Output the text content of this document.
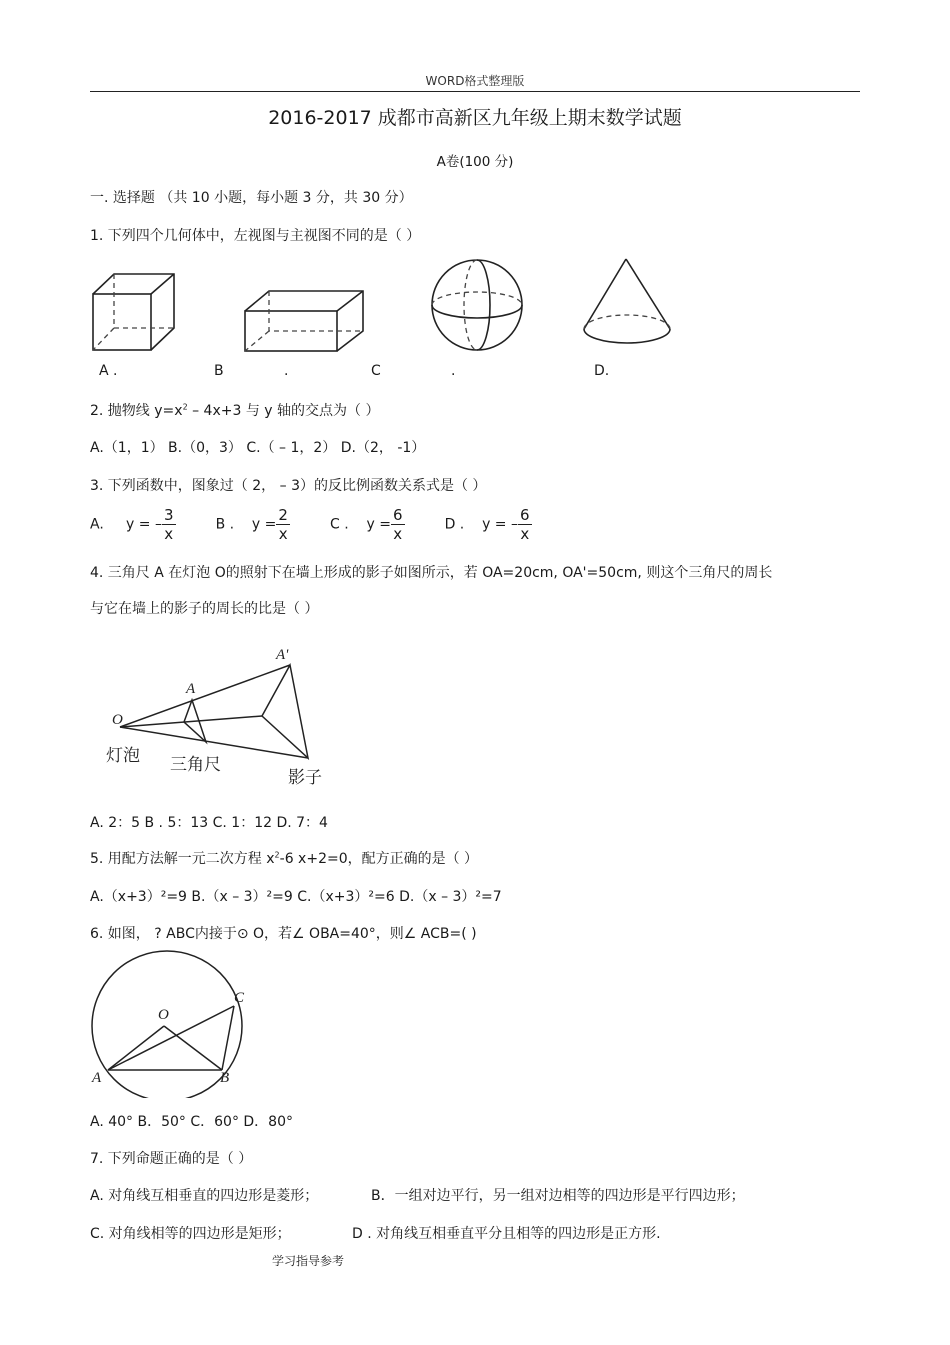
WORD格式整理版
2016-2017 成都市高新区九年级上期末数学试题
A卷(100 分)
一. 选择题 （共 10 小题，每小题 3 分，共 30 分）
1. 下列四个几何体中，左视图与主视图不同的是（ ）
A .	B	.	C	.	D.
2. 抛物线 $y=x^2 - 4x+3$ 与 y 轴的交点为（ ）
A.（1，1） B.（0，3） C.（ – 1，2） D.（2， -1）
3. 下列函数中，图象过（ 2， – 3）的反比例函数关系式是（ ）
A. y = – $\frac{3}{x}$	B . $y = \frac{2}{x}$	C . $y = \frac{6}{x}$	D . y = – $\frac{6}{x}$
4. 三角尺 A 在灯泡 O的照射下在墙上形成的影子如图所示，若 OA=20cm, OA'=50cm, 则这个三角尺的周长
与它在墙上的影子的周长的比是（ ）
O
A
A'
灯泡 三角尺
影子
A. 2：5 B . 5：13 C. 1：12 D. 7：4
5. 用配方法解一元二次方程 $x^2-6$ x+2=0，配方正确的是（ ）
A.（x+3）²=9 B.（x – 3）²=9 C.（x+3）²=6 D.（x – 3）²=7
6. 如图， ? ABC内接于⊙ O，若∠ OBA=40°，则∠ ACB=( )
O
A	B
C
A. 40° B．50° C．60° D．80°
7. 下列命题正确的是（ ）
A. 对角线互相垂直的四边形是菱形；	B．一组对边平行，另一组对边相等的四边形是平行四边形；
C. 对角线相等的四边形是矩形；	D . 对角线互相垂直平分且相等的四边形是正方形.
学习指导参考
